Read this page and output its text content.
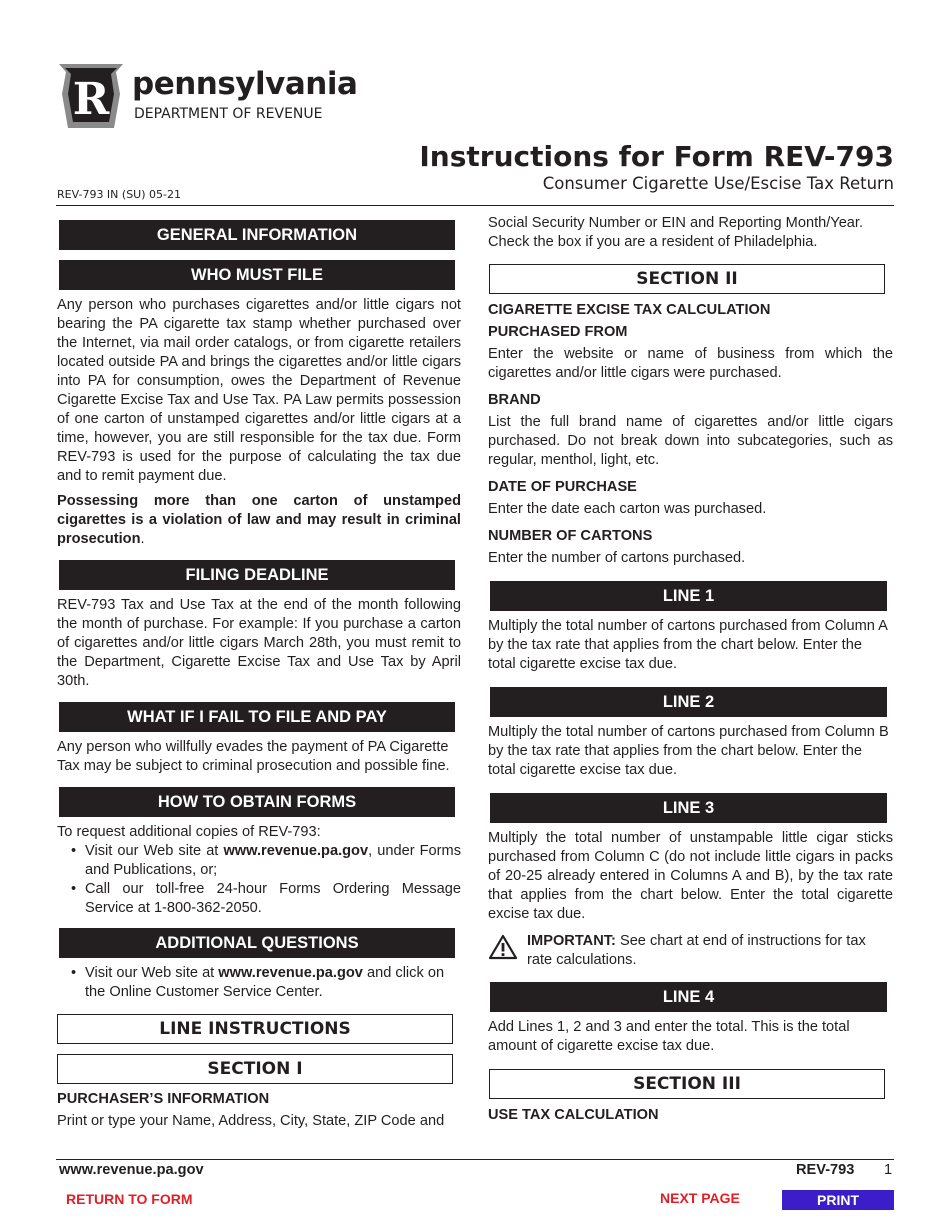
R pennsylvania
DEPARTMENT OF REVENUE
Instructions for Form REV-793
Consumer Cigarette Use/Escise Tax Return
REV-793 IN (SU) 05-21
GENERAL INFORMATION
WHO MUST FILE

Any person who purchases cigarettes and/or little cigars not bearing the PA cigarette tax stamp whether purchased over the Internet, via mail order catalogs, or from cigarette retailers located outside PA and brings the cigarettes and/or little cigars into PA for consumption, owes the Department of Revenue Cigarette Excise Tax and Use Tax. PA Law permits possession of one carton of unstamped cigarettes and/or little cigars at a time, however, you are still responsible for the tax due. Form REV-793 is used for the purpose of calculating the tax due and to remit payment due.

Possessing more than one carton of unstamped cigarettes is a violation of law and may result in criminal prosecution.

FILING DEADLINE

REV-793 Tax and Use Tax at the end of the month following the month of purchase. For example: If you purchase a carton of cigarettes and/or little cigars March 28th, you must remit to the Department, Cigarette Excise Tax and Use Tax by April 30th.

WHAT IF I FAIL TO FILE AND PAY

Any person who willfully evades the payment of PA Cigarette Tax may be subject to criminal prosecution and possible fine.

HOW TO OBTAIN FORMS

To request additional copies of REV-793:

• Visit our Web site at www.revenue.pa.gov, under Forms and Publications, or;
• Call our toll-free 24-hour Forms Ordering Message Service at 1-800-362-2050.
ADDITIONAL QUESTIONS
• Visit our Web site at www.revenue.pa.gov and click on the Online Customer Service Center.
LINE INSTRUCTIONS
SECTION I
PURCHASER’S INFORMATION

Print or type your Name, Address, City, State, ZIP Code and

Social Security Number or EIN and Reporting Month/Year. Check the box if you are a resident of Philadelphia.

SECTION II
CIGARETTE EXCISE TAX CALCULATION
PURCHASED FROM

Enter the website or name of business from which the cigarettes and/or little cigars were purchased.

BRAND

List the full brand name of cigarettes and/or little cigars purchased. Do not break down into subcategories, such as regular, menthol, light, etc.

DATE OF PURCHASE

Enter the date each carton was purchased.

NUMBER OF CARTONS

Enter the number of cartons purchased.

LINE 1

Multiply the total number of cartons purchased from Column A by the tax rate that applies from the chart below. Enter the total cigarette excise tax due.

LINE 2

Multiply the total number of cartons purchased from Column B by the tax rate that applies from the chart below. Enter the total cigarette excise tax due.

LINE 3

Multiply the total number of unstampable little cigar sticks purchased from Column C (do not include little cigars in packs   of 20-25 already entered in Columns A and B), by the tax rate that applies from the chart below. Enter the total cigarette excise tax due.

IMPORTANT: See chart at end of instructions for tax rate calculations.
LINE 4

Add Lines 1, 2 and 3 and enter the total. This is the total amount of cigarette excise tax due.

SECTION III
USE TAX CALCULATION
www.revenue.pa.gov	REV-793 1
RETURN TO FORM	NEXT PAGE	PRINT
